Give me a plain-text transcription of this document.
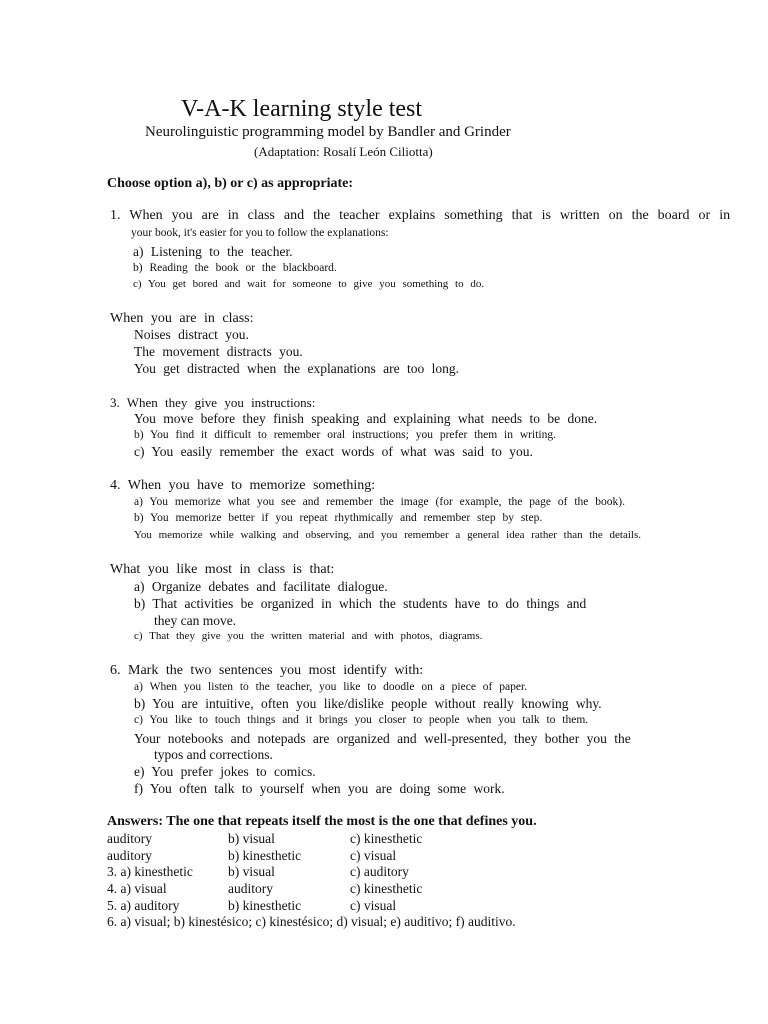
V-A-K learning style test
Neurolinguistic programming model by Bandler and Grinder
(Adaptation: Rosalí León Ciliotta)
Choose option a), b) or c) as appropriate:
1. When you are in class and the teacher explains something that is written on the board or in
your book, it's easier for you to follow the explanations:
a) Listening to the teacher.
b) Reading the book or the blackboard.
c) You get bored and wait for someone to give you something to do.
When you are in class:
Noises distract you.
The movement distracts you.
You get distracted when the explanations are too long.
3. When they give you instructions:
You move before they finish speaking and explaining what needs to be done.
b) You find it difficult to remember oral instructions; you prefer them in writing.
c) You easily remember the exact words of what was said to you.
4. When you have to memorize something:
a) You memorize what you see and remember the image (for example, the page of the book).
b) You memorize better if you repeat rhythmically and remember step by step.
You memorize while walking and observing, and you remember a general idea rather than the details.
What you like most in class is that:
a) Organize debates and facilitate dialogue.
b) That activities be organized in which the students have to do things and
they can move.
c) That they give you the written material and with photos, diagrams.
6. Mark the two sentences you most identify with:
a) When you listen to the teacher, you like to doodle on a piece of paper.
b) You are intuitive, often you like/dislike people without really knowing why.
c) You like to touch things and it brings you closer to people when you talk to them.
Your notebooks and notepads are organized and well-presented, they bother you the
typos and corrections.
e) You prefer jokes to comics.
f) You often talk to yourself when you are doing some work.
Answers: The one that repeats itself the most is the one that defines you.
auditory	b) visual	c) kinesthetic
auditory	b) kinesthetic	c) visual
3. a) kinesthetic	b) visual	c) auditory
4. a) visual	auditory	c) kinesthetic
5. a) auditory	b) kinesthetic	c) visual
6. a) visual; b) kinestésico; c) kinestésico; d) visual; e) auditivo; f) auditivo.
